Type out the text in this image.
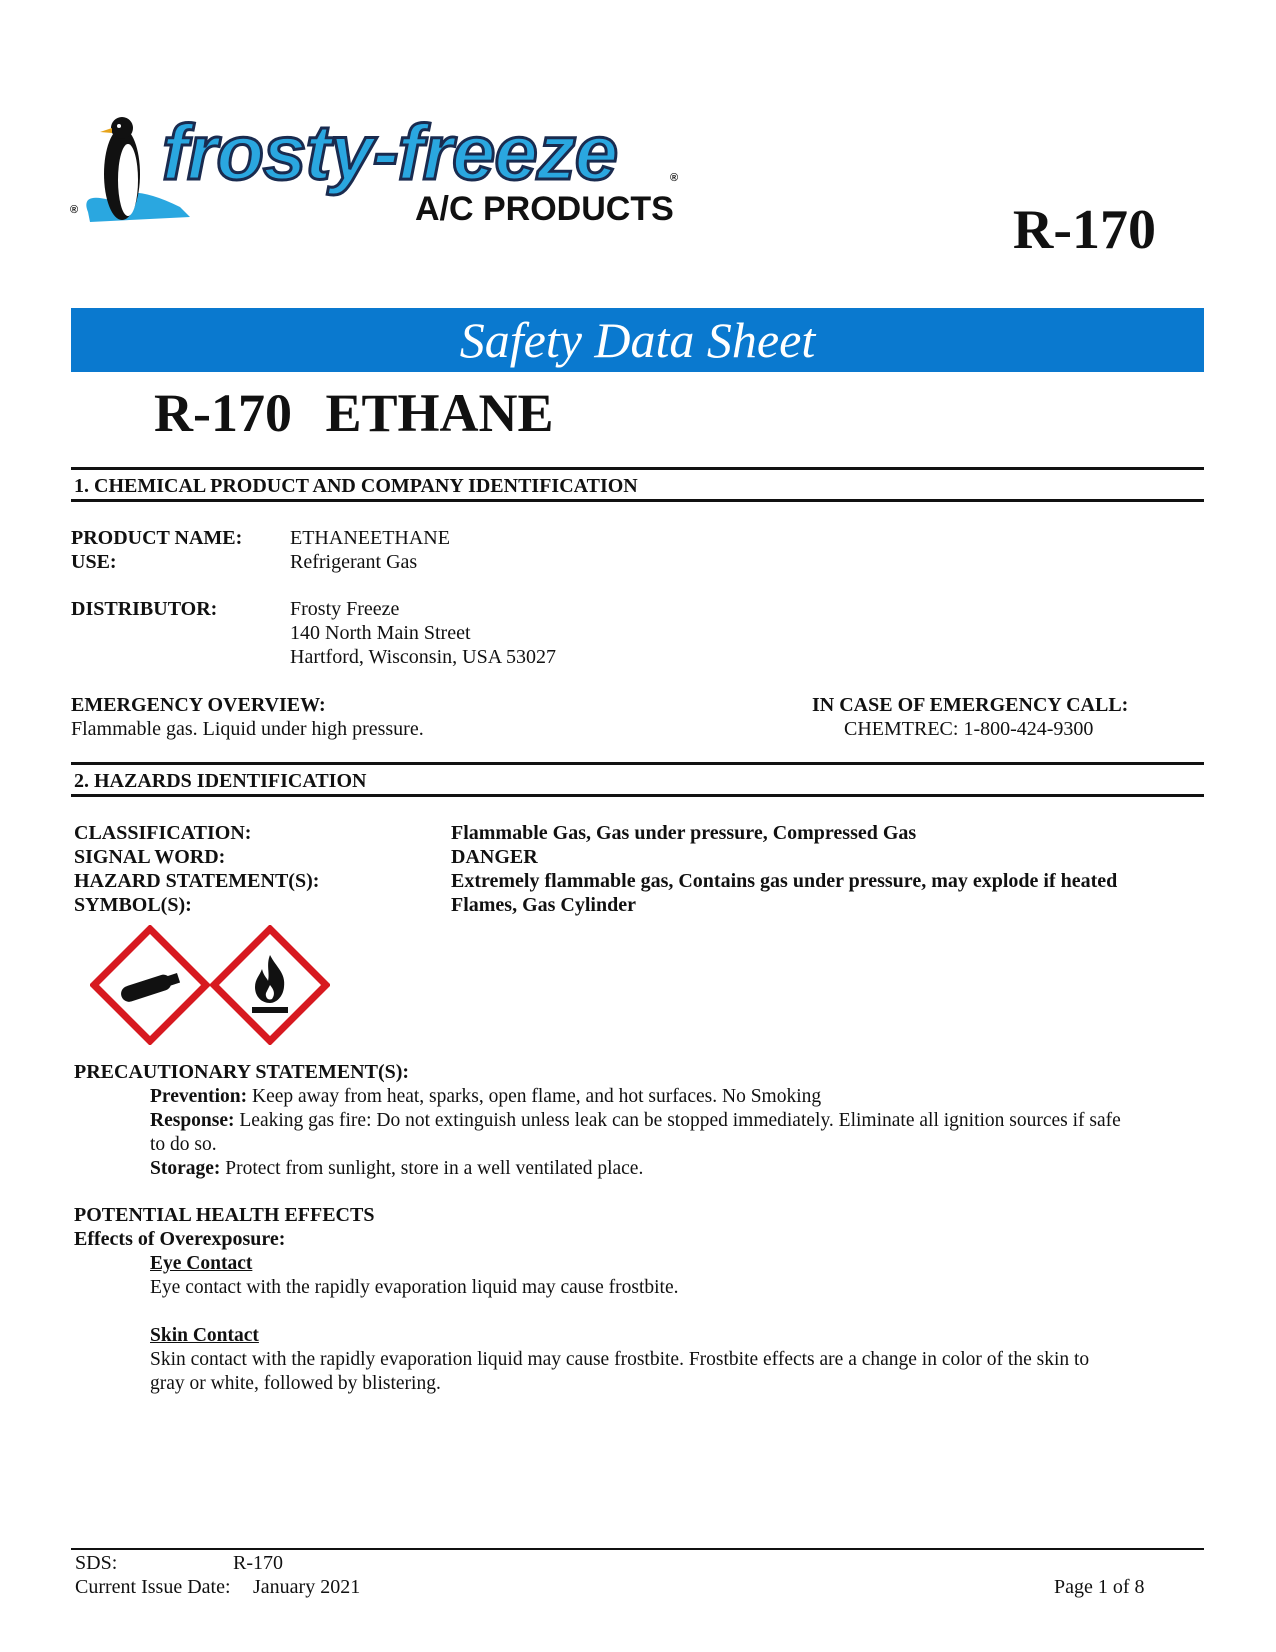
frosty-freeze
®
®
A/C PRODUCTS	R-170
Safety Data Sheet
R-170 ETHANE
1. CHEMICAL PRODUCT AND COMPANY IDENTIFICATION
PRODUCT NAME: ETHANEETHANE
USE:	Refrigerant Gas
DISTRIBUTOR:	Frosty Freeze
140 North Main Street
Hartford, Wisconsin, USA 53027
EMERGENCY OVERVIEW:
Flammable gas. Liquid under high pressure.
IN CASE OF EMERGENCY CALL:
CHEMTREC: 1-800-424-9300
2. HAZARDS IDENTIFICATION
CLASSIFICATION:	Flammable Gas, Gas under pressure, Compressed Gas
SIGNAL WORD:	DANGER
HAZARD STATEMENT(S):	Extremely flammable gas, Contains gas under pressure, may explode if heated
SYMBOL(S):	Flames, Gas Cylinder
PRECAUTIONARY STATEMENT(S):
Prevention: Keep away from heat, sparks, open flame, and hot surfaces. No Smoking
Response: Leaking gas fire: Do not extinguish unless leak can be stopped immediately. Eliminate all ignition sources if safe
to do so.
Storage: Protect from sunlight, store in a well ventilated place.
POTENTIAL HEALTH EFFECTS
Effects of Overexposure:
Eye Contact
Eye contact with the rapidly evaporation liquid may cause frostbite.
Skin Contact
Skin contact with the rapidly evaporation liquid may cause frostbite. Frostbite effects are a change in color of the skin to
gray or white, followed by blistering.
SDS:	R-170
Current Issue Date: January 2021	Page 1 of 8
